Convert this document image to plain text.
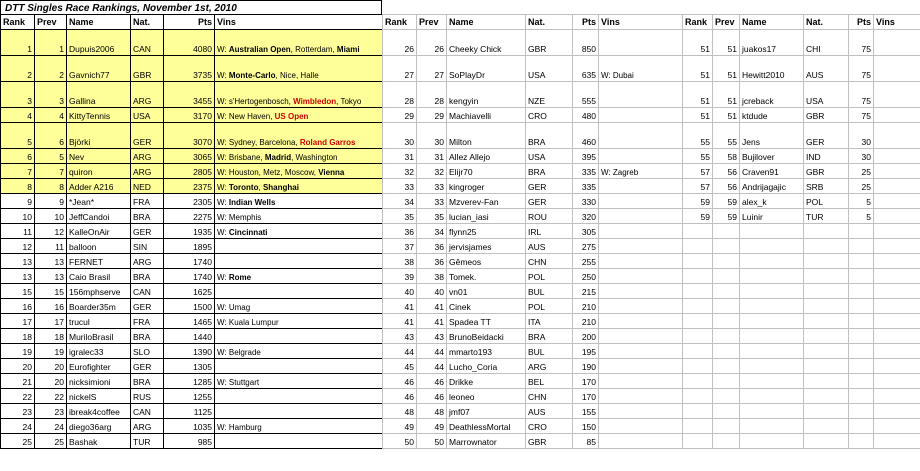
DTT Singles Race Rankings, November 1st, 2010
Rank	Prev	Name	Nat.	Pts	Vins
1	1	Dupuis2006	CAN	4080	W: Australian Open, Rotterdam, Miami
2	2	Gavnich77	GBR	3735	W: Monte-Carlo, Nice, Halle
3	3	Gallina	ARG	3455	W: s'Hertogenbosch, Wimbledon, Tokyo
4	4	KittyTennis	USA	3170	W: New Haven, US Open
5	6	Björki	GER	3070	W: Sydney, Barcelona, Roland Garros
6	5	Nev	ARG	3065	W: Brisbane, Madrid, Washington
7	7	quiron	ARG	2805	W: Houston, Metz, Moscow, Vienna
8	8	Adder A216	NED	2375	W: Toronto, Shanghai
9	9	*Jean*	FRA	2305	W: Indian Wells
10	10	JeffCandoi	BRA	2275	W: Memphis
11	12	KalleOnAir	GER	1935	W: Cincinnati
12	11	balloon	SIN	1895	
13	13	FERNET	ARG	1740	
13	13	Caio Brasil	BRA	1740	W: Rome
15	15	156mphserve	CAN	1625	
16	16	Boarder35m	GER	1500	W: Umag
17	17	trucul	FRA	1465	W: Kuala Lumpur
18	18	MuriloBrasil	BRA	1440	
19	19	igralec33	SLO	1390	W: Belgrade
20	20	Eurofighter	GER	1305	
21	20	nicksimioni	BRA	1285	W: Stuttgart
22	22	nickelS	RUS	1255	
23	23	ibreak4coffee	CAN	1125	
24	24	diego36arg	ARG	1035	W: Hamburg
25	25	Bashak	TUR	985	
Rank	Prev	Name	Nat.	Pts	Vins
26	26	Cheeky Chick	GBR	850	
27	27	SoPlayDr	USA	635	W: Dubai
28	28	kengyin	NZE	555	
29	29	Machiavelli	CRO	480	
30	30	Milton	BRA	460	
31	31	Allez Allejo	USA	395	
32	32	Elijr70	BRA	335	W: Zagreb
33	33	kingroger	GER	335	
34	33	Mzverev-Fan	GER	330	
35	35	lucian_iasi	ROU	320	
36	34	flynn25	IRL	305	
37	36	jervisjames	AUS	275	
38	36	Gêmeos	CHN	255	
39	38	Tomek.	POL	250	
40	40	vn01	BUL	215	
41	41	Cinek	POL	210	
41	41	Spadea TT	ITA	210	
43	43	BrunoBeidacki	BRA	200	
44	44	mmarto193	BUL	195	
45	44	Lucho_Coria	ARG	190	
46	46	Drikke	BEL	170	
46	46	leoneo	CHN	170	
48	48	jmf07	AUS	155	
49	49	DeathlessMortal	CRO	150	
50	50	Marrownator	GBR	85	
Rank	Prev	Name	Nat.	Pts	Vins
51	51	juakos17	CHI	75	
51	51	Hewitt2010	AUS	75	
51	51	jcreback	USA	75	
51	51	ktdude	GBR	75	
55	55	Jens	GER	30	
55	58	Bujilover	IND	30	
57	56	Craven91	GBR	25	
57	56	Andrijagajic	SRB	25	
59	59	alex_k	POL	5	
59	59	Luinir	TUR	5	
